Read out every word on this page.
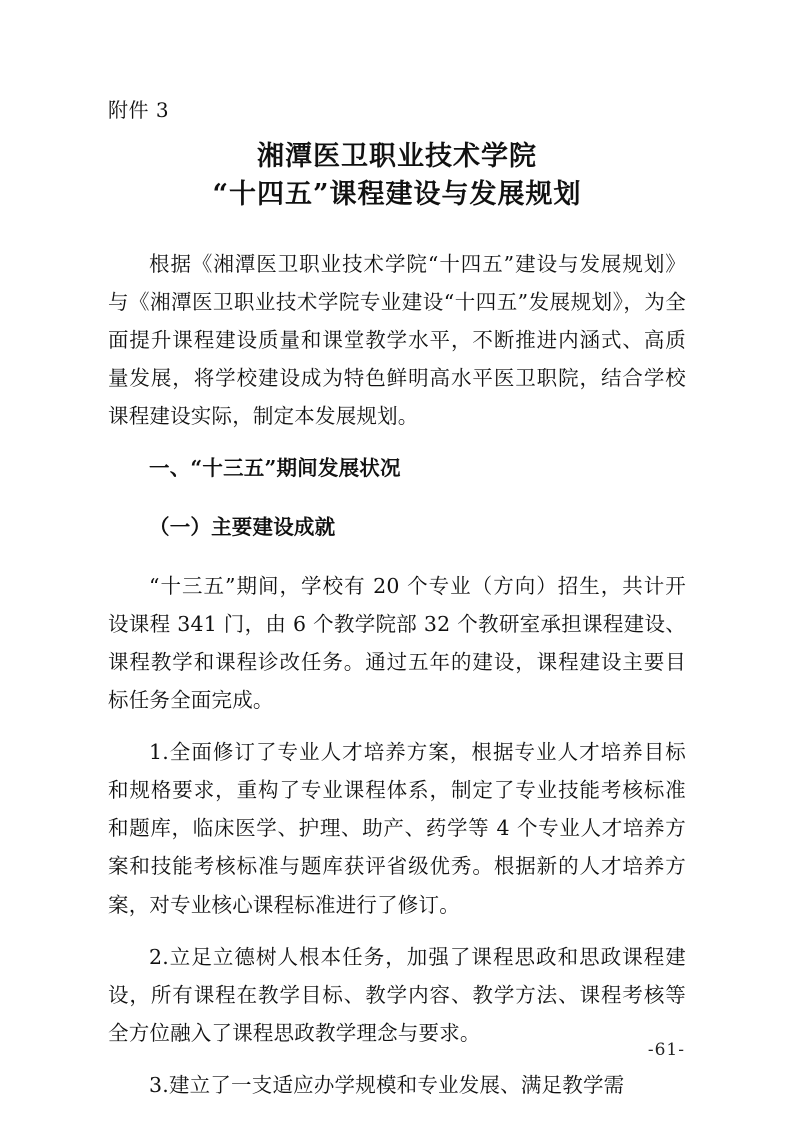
附件 3
湘潭医卫职业技术学院
“十四五”课程建设与发展规划

根据《湘潭医卫职业技术学院“十四五”建设与发展规划》与《湘潭医卫职业技术学院专业建设“十四五”发展规划》，为全面提升课程建设质量和课堂教学水平，不断推进内涵式、高质量发展，将学校建设成为特色鲜明高水平医卫职院，结合学校课程建设实际，制定本发展规划。

一、“十三五”期间发展状况

（一）主要建设成就

“十三五”期间，学校有 20 个专业（方向）招生，共计开设课程 341 门，由 6 个教学院部 32 个教研室承担课程建设、课程教学和课程诊改任务。通过五年的建设，课程建设主要目标任务全面完成。

1.全面修订了专业人才培养方案，根据专业人才培养目标和规格要求，重构了专业课程体系，制定了专业技能考核标准和题库，临床医学、护理、助产、药学等 4 个专业人才培养方案和技能考核标准与题库获评省级优秀。根据新的人才培养方案，对专业核心课程标准进行了修订。

2.立足立德树人根本任务，加强了课程思政和思政课程建设，所有课程在教学目标、教学内容、教学方法、课程考核等全方位融入了课程思政教学理念与要求。

3.建立了一支适应办学规模和专业发展、满足教学需

-61-
